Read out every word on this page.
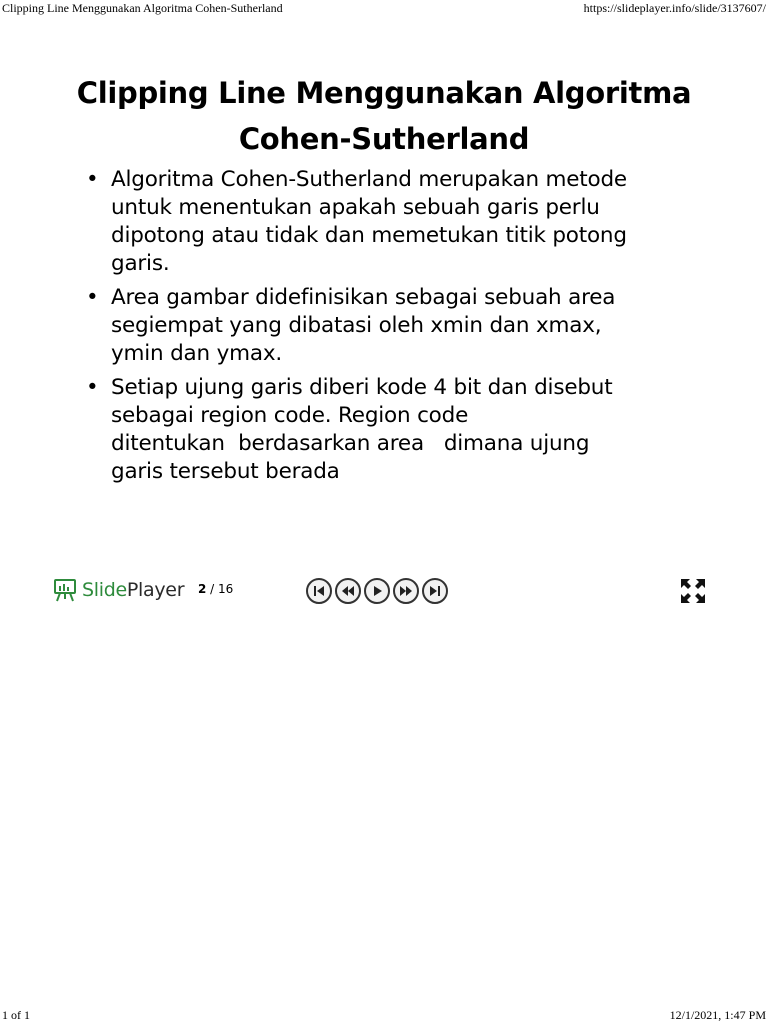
Clipping Line Menggunakan Algoritma Cohen-Sutherland	https://slideplayer.info/slide/3137607/
Clipping Line Menggunakan Algoritma
Cohen-Sutherland
• Algoritma Cohen-Sutherland merupakan metode
untuk menentukan apakah sebuah garis perlu
dipotong atau tidak dan memetukan titik potong
garis.
• Area gambar didefinisikan sebagai sebuah area
segiempat yang dibatasi oleh xmin dan xmax,
ymin dan ymax.
• Setiap ujung garis diberi kode 4 bit dan disebut
sebagai region code. Region code
ditentukan  berdasarkan area   dimana ujung
garis tersebut berada
SlidePlayer 2 / 16
1 of 1	12/1/2021, 1:47 PM
